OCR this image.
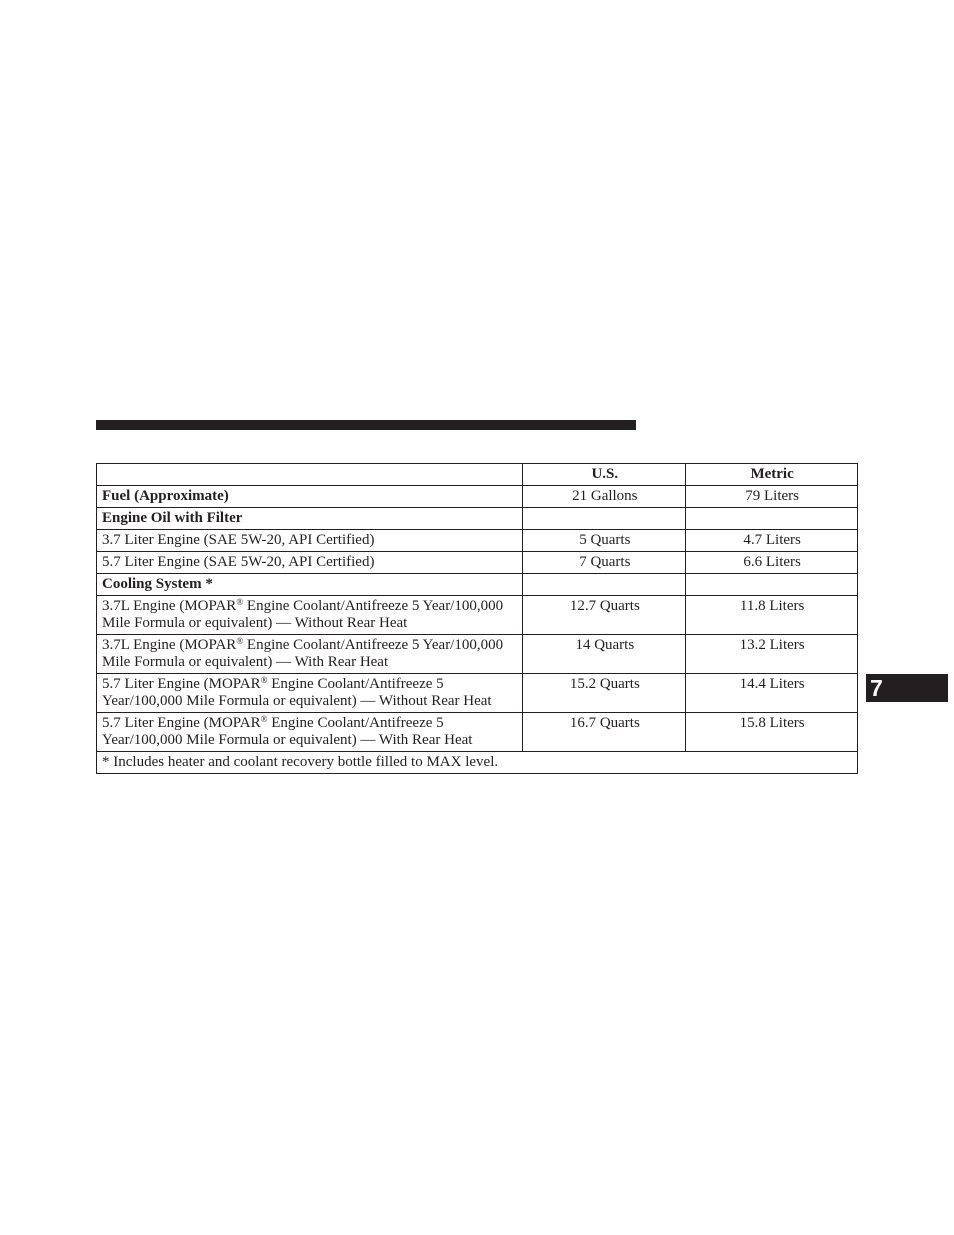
7
	U.S.	Metric
Fuel (Approximate)	21 Gallons	79 Liters
Engine Oil with Filter		
3.7 Liter Engine (SAE 5W-20, API Certified)	5 Quarts	4.7 Liters
5.7 Liter Engine (SAE 5W-20, API Certified)	7 Quarts	6.6 Liters
Cooling System *		
3.7L Engine (MOPAR® Engine Coolant/Antifreeze 5 Year/100,000 Mile Formula or equivalent) — Without Rear Heat	12.7 Quarts	11.8 Liters
3.7L Engine (MOPAR® Engine Coolant/Antifreeze 5 Year/100,000 Mile Formula or equivalent) — With Rear Heat	14 Quarts	13.2 Liters
5.7 Liter Engine (MOPAR® Engine Coolant/Antifreeze 5 Year/100,000 Mile Formula or equivalent) — Without Rear Heat	15.2 Quarts	14.4 Liters
5.7 Liter Engine (MOPAR® Engine Coolant/Antifreeze 5 Year/100,000 Mile Formula or equivalent) — With Rear Heat	16.7 Quarts	15.8 Liters
* Includes heater and coolant recovery bottle filled to MAX level.		
